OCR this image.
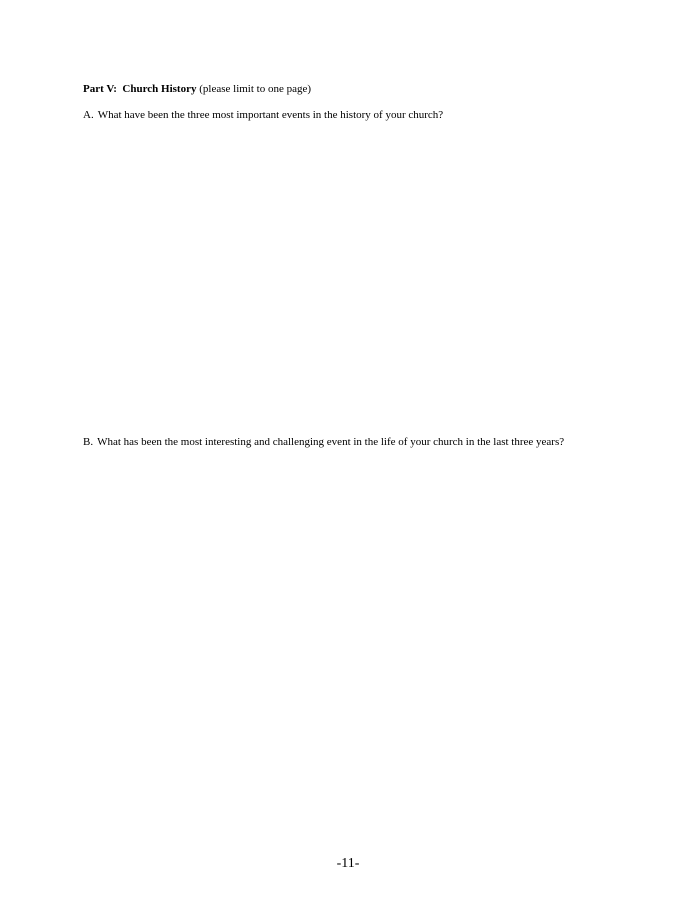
Part V: Church History (please limit to one page)
A. What have been the three most important events in the history of your church?
B. What has been the most interesting and challenging event in the life of your church in the last three years?
-11-
